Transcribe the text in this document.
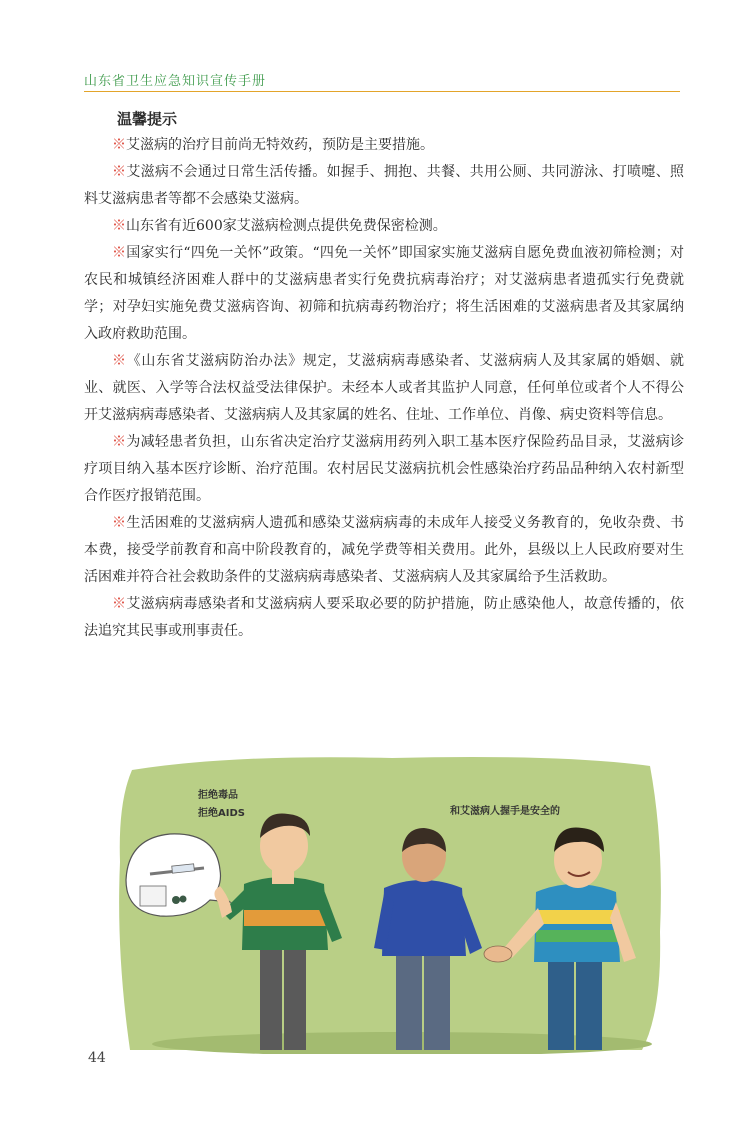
山东省卫生应急知识宣传手册
温馨提示

※艾滋病的治疗目前尚无特效药，预防是主要措施。

※艾滋病不会通过日常生活传播。如握手、拥抱、共餐、共用公厕、共同游泳、打喷嚏、照料艾滋病患者等都不会感染艾滋病。

※山东省有近600家艾滋病检测点提供免费保密检测。

※国家实行“四免一关怀”政策。“四免一关怀”即国家实施艾滋病自愿免费血液初筛检测；对农民和城镇经济困难人群中的艾滋病患者实行免费抗病毒治疗；对艾滋病患者遗孤实行免费就学；对孕妇实施免费艾滋病咨询、初筛和抗病毒药物治疗；将生活困难的艾滋病患者及其家属纳入政府救助范围。

※《山东省艾滋病防治办法》规定，艾滋病病毒感染者、艾滋病病人及其家属的婚姻、就业、就医、入学等合法权益受法律保护。未经本人或者其监护人同意，任何单位或者个人不得公开艾滋病病毒感染者、艾滋病病人及其家属的姓名、住址、工作单位、肖像、病史资料等信息。

※为减轻患者负担，山东省决定治疗艾滋病用药列入职工基本医疗保险药品目录，艾滋病诊疗项目纳入基本医疗诊断、治疗范围。农村居民艾滋病抗机会性感染治疗药品品种纳入农村新型合作医疗报销范围。

※生活困难的艾滋病病人遗孤和感染艾滋病病毒的未成年人接受义务教育的，免收杂费、书本费，接受学前教育和高中阶段教育的，减免学费等相关费用。此外，县级以上人民政府要对生活困难并符合社会救助条件的艾滋病病毒感染者、艾滋病病人及其家属给予生活救助。

※艾滋病病毒感染者和艾滋病病人要采取必要的防护措施，防止感染他人，故意传播的，依法追究其民事或刑事责任。

拒绝毒品
拒绝AIDS	和艾滋病人握手是安全的
44
